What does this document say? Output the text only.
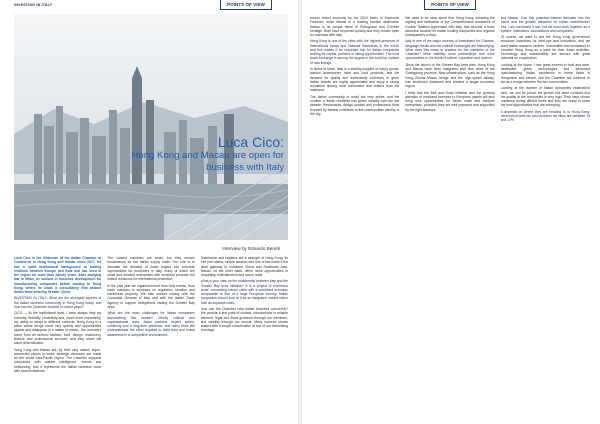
INVESTING IN ITALY	POINTS OF VIEW
Luca Cico:
Hong Kong and Macau are open for business with Italy
Interview by Edoardo Beretti

Luca Cico is the Chairman of the Italian Chamber of Commerce in Hong Kong and Macau since 2017. He has a solid institutional background in trading relations between Europe and Asia and has lived in the region for more than twenty years. After studying law in Milan, he worked in business development for manufacturing companies before moving to Hong Kong, where he leads a consultancy that assists Italian firms entering Greater China.

INVESTING IN ITALY: What are the strongest aspects of the Italian business community in Hong Kong today, and how has the Chamber evolved in recent years?

CICO — At the institutional level, I have always kept my curiosity, flexibility, proactivity and, much more importantly, my ability to adapt to different contexts. Hong Kong is a place where things move very quickly and opportunities appear and disappear in a matter of weeks. Our members come from all sectors: fashion, food, design, machinery, finance and professional services, and they share the same determination.

Hong Kong and Macau are, by their very nature, super-connected places in which strategic decisions are made for the whole Asia-Pacific region. The Chamber supports companies with market intelligence, events and networking, and it represents the Italian business voice with local institutions.

The closest countries are small, but they remain fundamental for the Italian supply chain. Our role is to translate the demand of Asian buyers into concrete opportunities for producers in Italy, many of which are small and medium enterprises with excellent products but limited resources for international promotion.

In the past year we organised more than forty events, from trade missions to seminars on regulation, taxation and intellectual property. We also worked closely with the Consulate General of Italy and with the Italian Trade Agency to support delegations visiting the Greater Bay Area.

What are the main challenges for Italian companies approaching this market? Mostly cultural and organisational ones. Asian partners expect speed, continuity and a long-term presence, and many firms still underestimate the effort required to build trust and brand awareness in a competitive environment.

Distribution and logistics are a strength of Hong Kong: its free port status, simple taxation and rule of law make it the ideal gateway to mainland China and Southeast Asia. Macau, on the other hand, offers niche opportunities in hospitality, entertainment and luxury retail.

What is your view on the relationship between Italy and the Greater Bay Area initiative? It is a project of enormous scale, connecting eleven cities with a combined economy comparable to that of a large European country. Italian companies should look at it as an integrated market rather than as separate cities.

How can the Chamber help Italian investors concretely? We provide a first point of contact, introductions to reliable partners, legal and fiscal guidance through our members, and visibility through our events. Many success stories started with a simple conversation at one of our networking evenings.

POINTS OF VIEW

world's freest economy by the 2019 Index of Economic Freedom, while Macau is a leading tourism destination thanks to its unique blend of Portuguese and Chinese heritage. Both have reopened quickly and they remain open for business with Italy.

Hong Kong is one of the cities with the highest presence of international banks and financial institutions in the world, and this makes it an important hub for Italian companies looking for capital, partners or listing opportunities. The local stock exchange is among the largest in the world by number of new listings.

In terms of trade, Italy is a leading supplier of luxury goods, fashion accessories, wine and food products, and the demand for quality and authenticity continues to grow. Italian brands are highly appreciated and enjoy a strong reputation among local consumers and visitors from the mainland.

The Italian community is small but very active, and the number of Italian residents has grown steadily over the last decade. Restaurants, design studios and professional firms founded by Italians contribute to the cosmopolitan identity of the city.

We need to be clear about this: Hong Kong, following the signing and ratification of the Comprehensive Avoidance of Double Taxation Agreement with Italy, has become a more attractive location for Italian holding companies and regional headquarters in Asia.

Italy is one of the major sources of investment for Chinese-language media and the cultural exchanges are intensifying. What does this mean in practice for the members of the Chamber? More visibility, more partnerships and more opportunities in the fields of culture, education and tourism.

Since the launch of the Greater Bay Area plan, Hong Kong and Macau have been integrated with nine cities of the Guangdong province. New infrastructure, such as the Hong Kong–Zhuhai–Macau bridge and the high-speed railway, has shortened distances and created a single economic region.

I think that the Belt and Road initiative and the growing attention of mainland investors to European assets will also bring new opportunities for Italian small and medium enterprises, provided they are well prepared and supported by the right advisors.

and Macau. Can this potential interest translate into the future and the greater attraction for Italian investments? Yes, I am convinced it can, but we must work together as a system: institutions, associations and companies.

Of course, we want to see the Hong Kong government introduce incentives for start-ups and innovation, and we want Italian research centres, universities and incubators to consider Hong Kong as a base for their Asian activities. Technology and sustainability are sectors with great potential for cooperation.

Looking at the future, I see great interest in food and wine, healthcare, green technologies and advanced manufacturing. Italian excellence in these fields is recognised and valued, and the Chamber will continue to act as a bridge between the two communities.

Looking at the number of Italian companies established here, we can be proud: the growth has been constant and the quality of the companies is very high. They have shown resilience during difficult times and they are ready to seize the new opportunities that are emerging.

It depends on where they are heading to in Hong Kong: personal income tax and business tax rates are between 15 and 17%.
